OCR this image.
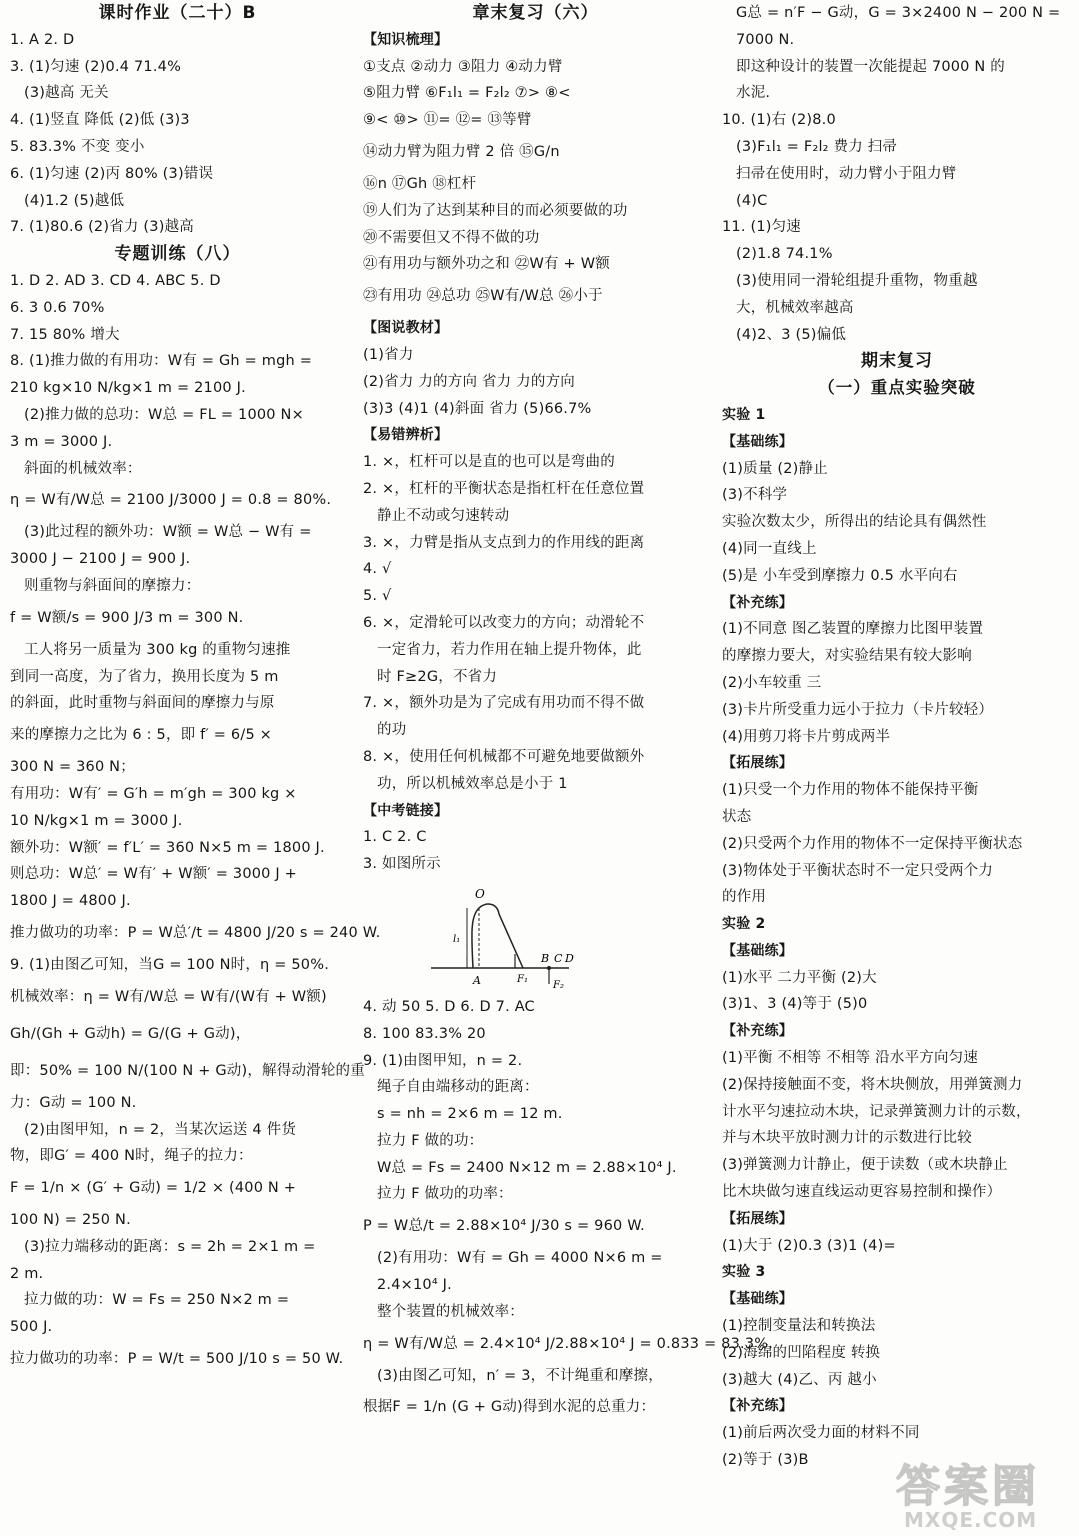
课时作业（二十）B
1. A 2. D
3. (1)匀速 (2)0.4 71.4%
(3)越高 无关
4. (1)竖直 降低 (2)低 (3)3
5. 83.3% 不变 变小
6. (1)匀速 (2)丙 80% (3)错误
(4)1.2 (5)越低
7. (1)80.6 (2)省力 (3)越高
专题训练（八）
1. D 2. AD 3. CD 4. ABC 5. D
6. 3 0.6 70%
7. 15 80% 增大
8. (1)推力做的有用功：W有 = Gh = mgh =
210 kg×10 N/kg×1 m = 2100 J.
(2)推力做的总功：W总 = FL = 1000 N×
3 m = 3000 J.
斜面的机械效率：
η = W有/W总 = 2100 J/3000 J = 0.8 = 80%.
(3)此过程的额外功：W额 = W总 − W有 =
3000 J − 2100 J = 900 J.
则重物与斜面间的摩擦力：
f = W额/s = 900 J/3 m = 300 N.
工人将另一质量为 300 kg 的重物匀速推
到同一高度，为了省力，换用长度为 5 m
的斜面，此时重物与斜面间的摩擦力与原
来的摩擦力之比为 6 : 5，即 f′ = 6/5 ×
300 N = 360 N；
有用功：W有′ = G′h = m′gh = 300 kg ×
10 N/kg×1 m = 3000 J.
额外功：W额′ = f′L′ = 360 N×5 m = 1800 J.
则总功：W总′ = W有′ + W额′ = 3000 J +
1800 J = 4800 J.
推力做功的功率：P = W总′/t = 4800 J/20 s = 240 W.
9. (1)由图乙可知，当G = 100 N时，η = 50%.
机械效率：η = W有/W总 = W有/(W有 + W额)
Gh/(Gh + G动h) = G/(G + G动)，
即：50% = 100 N/(100 N + G动)，解得动滑轮的重
力：G动 = 100 N.
(2)由图甲知，n = 2，当某次运送 4 件货
物，即G′ = 400 N时，绳子的拉力：
F = 1/n × (G′ + G动) = 1/2 × (400 N +
100 N) = 250 N.
(3)拉力端移动的距离：s = 2h = 2×1 m =
2 m.
拉力做的功：W = Fs = 250 N×2 m =
500 J.
拉力做功的功率：P = W/t = 500 J/10 s = 50 W.
章末复习（六）
【知识梳理】
①支点 ②动力 ③阻力 ④动力臂
⑤阻力臂 ⑥F₁l₁ = F₂l₂ ⑦> ⑧<
⑨< ⑩> ⑪= ⑫= ⑬等臂
⑭动力臂为阻力臂 2 倍 ⑮G/n
⑯n ⑰Gh ⑱杠杆
⑲人们为了达到某种目的而必须要做的功
⑳不需要但又不得不做的功
㉑有用功与额外功之和 ㉒W有 + W额
㉓有用功 ㉔总功 ㉕W有/W总 ㉖小于
【图说教材】
(1)省力
(2)省力 力的方向 省力 力的方向
(3)3 (4)1 (4)斜面 省力 (5)66.7%
【易错辨析】
1. ×，杠杆可以是直的也可以是弯曲的
2. ×，杠杆的平衡状态是指杠杆在任意位置
静止不动或匀速转动
3. ×，力臂是指从支点到力的作用线的距离
4. √
5. √
6. ×，定滑轮可以改变力的方向；动滑轮不
一定省力，若力作用在轴上提升物体，此
时 F≥2G，不省力
7. ×，额外功是为了完成有用功而不得不做
的功
8. ×，使用任何机械都不可避免地要做额外
功，所以机械效率总是小于 1
【中考链接】
1. C 2. C
3. 如图所示
O
l₁
A
B C D
F₁
F₂
4. 动 50 5. D 6. D 7. AC
8. 100 83.3% 20
9. (1)由图甲知，n = 2.
绳子自由端移动的距离：
s = nh = 2×6 m = 12 m.
拉力 F 做的功：
W总 = Fs = 2400 N×12 m = 2.88×10⁴ J.
拉力 F 做功的功率：
P = W总/t = 2.88×10⁴ J/30 s = 960 W.
(2)有用功：W有 = Gh = 4000 N×6 m =
2.4×10⁴ J.
整个装置的机械效率：
η = W有/W总 = 2.4×10⁴ J/2.88×10⁴ J = 0.833 = 83.3%.
(3)由图乙可知，n′ = 3，不计绳重和摩擦，
根据F = 1/n (G + G动)得到水泥的总重力：
G总 = n′F − G动，G = 3×2400 N − 200 N =
7000 N.
即这种设计的装置一次能提起 7000 N 的
水泥.
10. (1)右 (2)8.0
(3)F₁l₁ = F₂l₂ 费力 扫帚
扫帚在使用时，动力臂小于阻力臂
(4)C
11. (1)匀速
(2)1.8 74.1%
(3)使用同一滑轮组提升重物，物重越
大，机械效率越高
(4)2、3 (5)偏低
期末复习
（一）重点实验突破
实验 1
【基础练】
(1)质量 (2)静止
(3)不科学
实验次数太少，所得出的结论具有偶然性
(4)同一直线上
(5)是 小车受到摩擦力 0.5 水平向右
【补充练】
(1)不同意 图乙装置的摩擦力比图甲装置
的摩擦力要大，对实验结果有较大影响
(2)小车较重 三
(3)卡片所受重力远小于拉力（卡片较轻）
(4)用剪刀将卡片剪成两半
【拓展练】
(1)只受一个力作用的物体不能保持平衡
状态
(2)只受两个力作用的物体不一定保持平衡状态
(3)物体处于平衡状态时不一定只受两个力
的作用
实验 2
【基础练】
(1)水平 二力平衡 (2)大
(3)1、3 (4)等于 (5)0
【补充练】
(1)平衡 不相等 不相等 沿水平方向匀速
(2)保持接触面不变，将木块侧放，用弹簧测力
计水平匀速拉动木块，记录弹簧测力计的示数，
并与木块平放时测力计的示数进行比较
(3)弹簧测力计静止，便于读数（或木块静止
比木块做匀速直线运动更容易控制和操作）
【拓展练】
(1)大于 (2)0.3 (3)1 (4)=
实验 3
【基础练】
(1)控制变量法和转换法
(2)海绵的凹陷程度 转换
(3)越大 (4)乙、丙 越小
【补充练】
(1)前后两次受力面的材料不同
(2)等于 (3)B
答案圈
MXQE.COM
